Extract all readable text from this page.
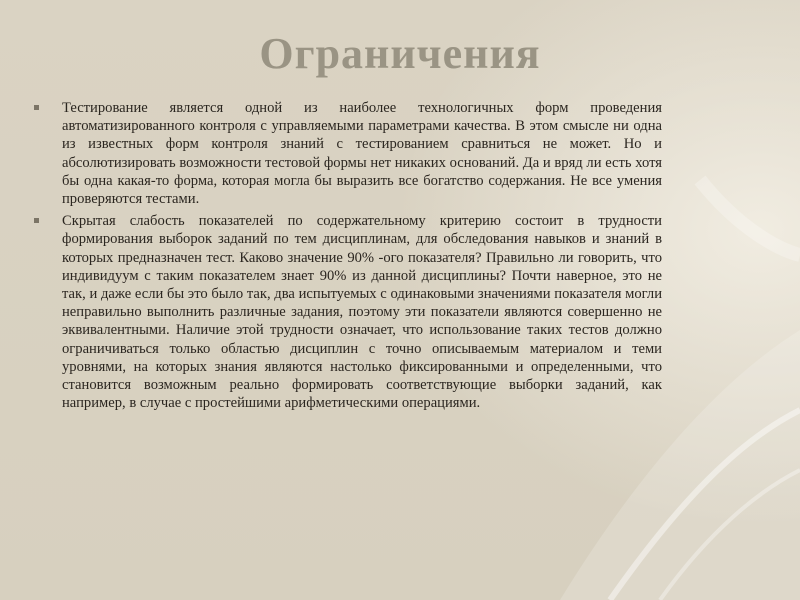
Ограничения
Тестирование является одной из наиболее технологичных форм проведения автоматизированного контроля с управляемыми параметрами качества. В этом смысле ни одна из известных форм контроля знаний с тестированием сравниться не может. Но и абсолютизировать возможности тестовой формы нет никаких оснований. Да и вряд ли есть хотя бы одна какая-то форма, которая могла бы выразить все богатство содержания. Не все умения проверяются тестами.
Скрытая слабость показателей по содержательному критерию состоит в трудности формирования выборок заданий по тем дисциплинам, для обследования навыков и знаний в которых предназначен тест. Каково значение 90% -ого показателя? Правильно ли говорить, что индивидуум с таким показателем знает 90% из данной дисциплины? Почти наверное, это не так, и даже если бы это было так, два испытуемых с одинаковыми значениями показателя могли неправильно выполнить различные задания, поэтому эти показатели являются совершенно не эквивалентными. Наличие этой трудности означает, что использование таких тестов должно ограничиваться только областью дисциплин с точно описываемым материалом и теми уровнями, на которых знания являются настолько фиксированными и определенными, что становится возможным реально формировать соответствующие выборки заданий, как например, в случае с простейшими арифметическими операциями.
